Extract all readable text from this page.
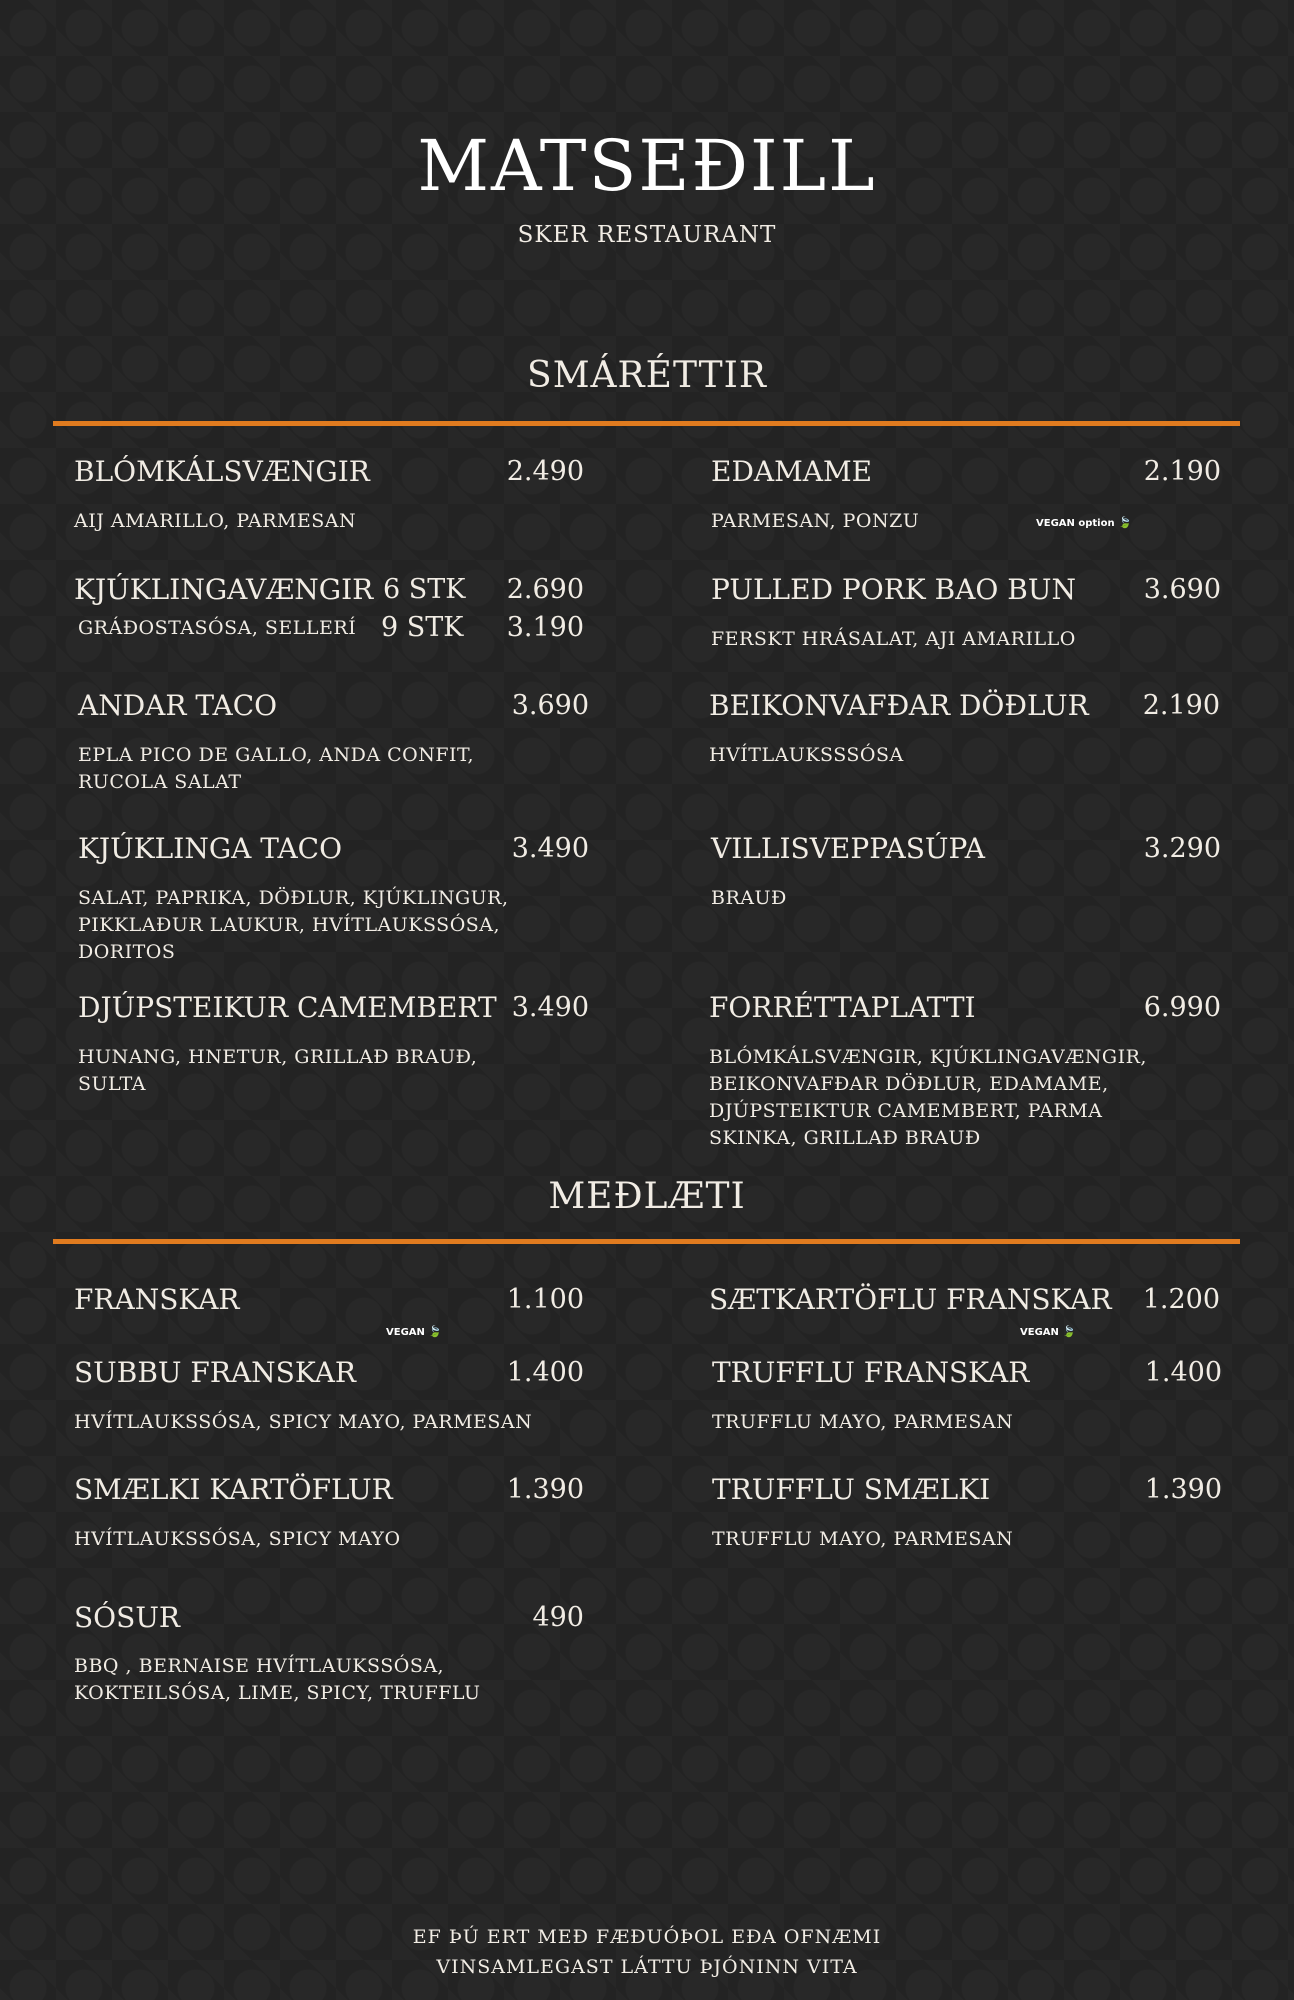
MATSEÐILL
SKER RESTAURANT
SMÁRÉTTIR
BLÓMKÁLSVÆNGIR	2.490
AIJ AMARILLO, PARMESAN
EDAMAME	2.190
PARMESAN, PONZU	VEGAN option 🍃
KJÚKLINGAVÆNGIR 6 STK	2.690
GRÁÐOSTASÓSA, SELLERÍ 9 STK	3.190
PULLED PORK BAO BUN	3.690
FERSKT HRÁSALAT, AJI AMARILLO
ANDAR TACO	3.690
EPLA PICO DE GALLO, ANDA CONFIT,
RUCOLA SALAT
BEIKONVAFÐAR DÖÐLUR	2.190
HVÍTLAUKSSSÓSA
KJÚKLINGA TACO	3.490
SALAT, PAPRIKA, DÖÐLUR, KJÚKLINGUR,
PIKKLAÐUR LAUKUR, HVÍTLAUKSSÓSA,
DORITOS
VILLISVEPPASÚPA	3.290
BRAUÐ
DJÚPSTEIKUR CAMEMBERT 3.490
HUNANG, HNETUR, GRILLAÐ BRAUÐ,
SULTA
FORRÉTTAPLATTI	6.990
BLÓMKÁLSVÆNGIR, KJÚKLINGAVÆNGIR,
BEIKONVAFÐAR DÖÐLUR, EDAMAME,
DJÚPSTEIKTUR CAMEMBERT, PARMA
SKINKA, GRILLAÐ BRAUÐ
MEÐLÆTI
FRANSKAR	1.100
VEGAN 🍃
SÆTKARTÖFLU FRANSKAR	1.200
VEGAN 🍃
SUBBU FRANSKAR	1.400
HVÍTLAUKSSÓSA, SPICY MAYO, PARMESAN
TRUFFLU FRANSKAR	1.400
TRUFFLU MAYO, PARMESAN
SMÆLKI KARTÖFLUR	1.390
HVÍTLAUKSSÓSA, SPICY MAYO
TRUFFLU SMÆLKI	1.390
TRUFFLU MAYO, PARMESAN
SÓSUR	490
BBQ , BERNAISE HVÍTLAUKSSÓSA,
KOKTEILSÓSA, LIME, SPICY, TRUFFLU
EF ÞÚ ERT MEÐ FÆÐUÓÞOL EÐA OFNÆMI
VINSAMLEGAST LÁTTU ÞJÓNINN VITA
